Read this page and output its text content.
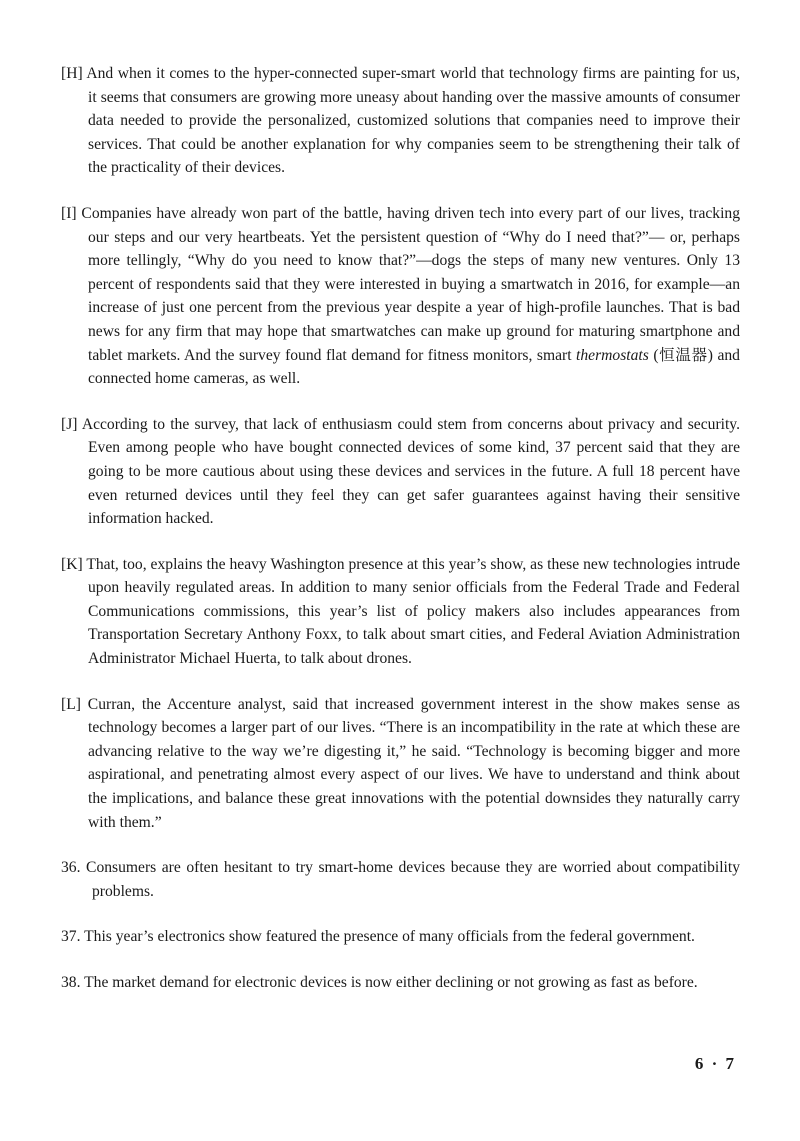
[H] And when it comes to the hyper-connected super-smart world that technology firms are painting for us, it seems that consumers are growing more uneasy about handing over the massive amounts of consumer data needed to provide the personalized, customized solutions that companies need to improve their services. That could be another explanation for why companies seem to be strengthening their talk of the practicality of their devices.

[I] Companies have already won part of the battle, having driven tech into every part of our lives, tracking our steps and our very heartbeats. Yet the persistent question of “Why do I need that?”— or, perhaps more tellingly, “Why do you need to know that?”—dogs the steps of many new ventures. Only 13 percent of respondents said that they were interested in buying a smartwatch in 2016, for example—an increase of just one percent from the previous year despite a year of high-profile launches. That is bad news for any firm that may hope that smartwatches can make up ground for maturing smartphone and tablet markets. And the survey found flat demand for fitness monitors, smart thermostats (恒温器) and connected home cameras, as well.

[J] According to the survey, that lack of enthusiasm could stem from concerns about privacy and security. Even among people who have bought connected devices of some kind, 37 percent said that they are going to be more cautious about using these devices and services in the future. A full 18 percent have even returned devices until they feel they can get safer guarantees against having their sensitive information hacked.

[K] That, too, explains the heavy Washington presence at this year’s show, as these new technologies intrude upon heavily regulated areas. In addition to many senior officials from the Federal Trade and Federal Communications commissions, this year’s list of policy makers also includes appearances from Transportation Secretary Anthony Foxx, to talk about smart cities, and Federal Aviation Administration Administrator Michael Huerta, to talk about drones.

[L] Curran, the Accenture analyst, said that increased government interest in the show makes sense as technology becomes a larger part of our lives. “There is an incompatibility in the rate at which these are advancing relative to the way we’re digesting it,” he said. “Technology is becoming bigger and more aspirational, and penetrating almost every aspect of our lives. We have to understand and think about the implications, and balance these great innovations with the potential downsides they naturally carry with them.”

36. Consumers are often hesitant to try smart-home devices because they are worried about compatibility problems.

37. This year’s electronics show featured the presence of many officials from the federal government.

38. The market demand for electronic devices is now either declining or not growing as fast as before.

6 · 7
